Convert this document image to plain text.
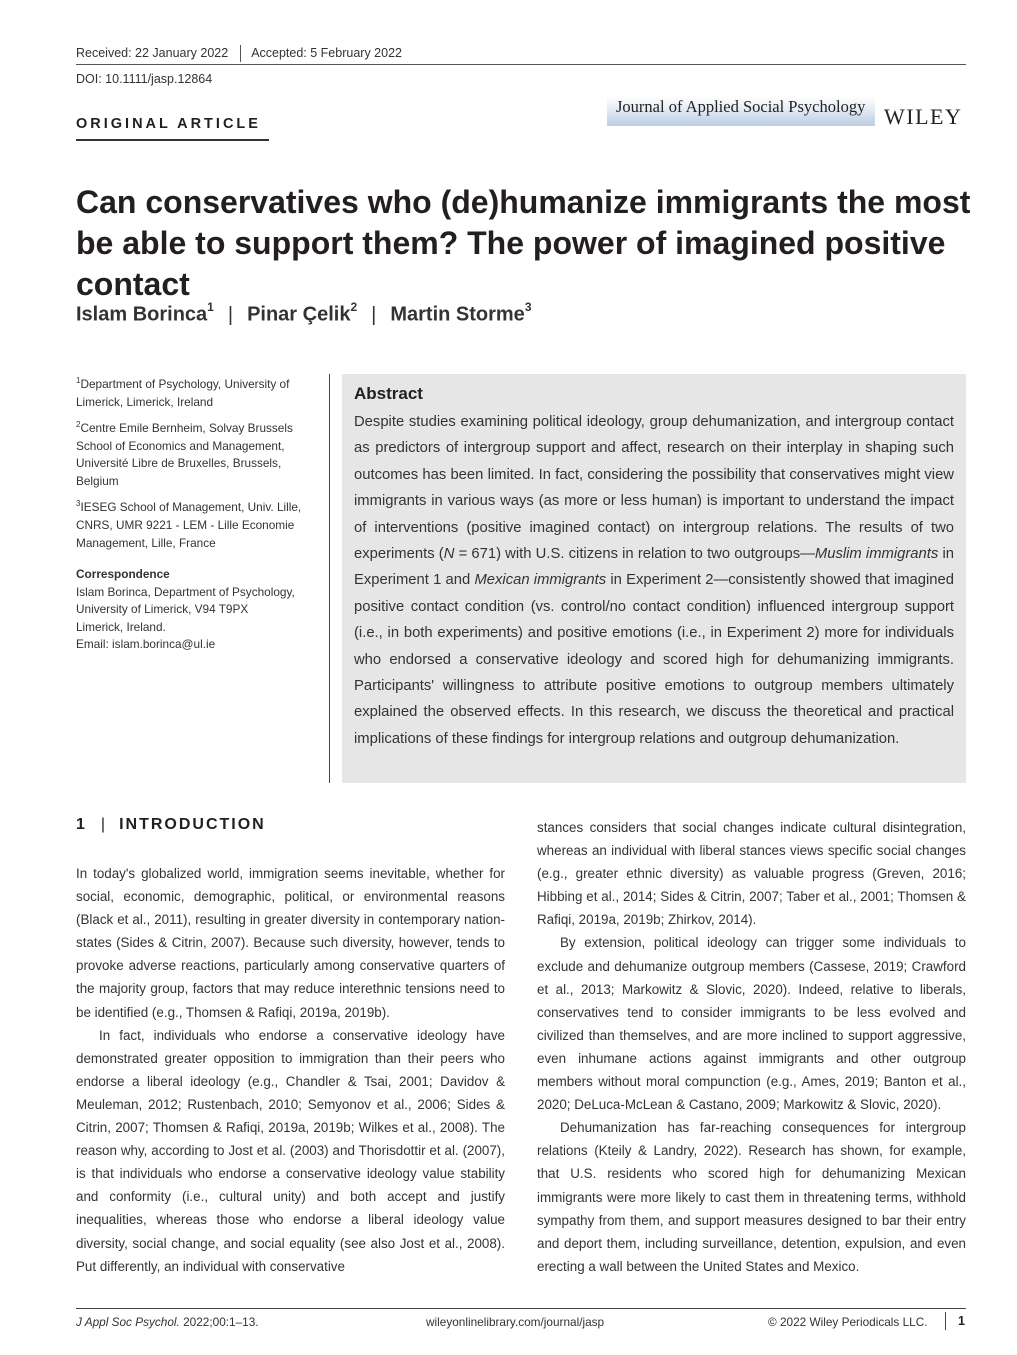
Received: 22 January 2022 Accepted: 5 February 2022
DOI: 10.1111/jasp.12864
ORIGINAL ARTICLE
Journal of Applied Social Psychology WILEY
Can conservatives who (de)humanize immigrants the most be able to support them? The power of imagined positive contact
Islam Borinca$^1$ | Pinar Çelik$^2$ | Martin Storme$^3$

$^1$Department of Psychology, University of Limerick, Limerick, Ireland

$^2$Centre Emile Bernheim, Solvay Brussels School of Economics and Management, Université Libre de Bruxelles, Brussels, Belgium

$^3$IESEG School of Management, Univ. Lille, CNRS, UMR 9221 - LEM - Lille Economie Management, Lille, France

Correspondence
Islam Borinca, Department of Psychology,
University of Limerick, V94 T9PX
Limerick, Ireland.
Email: islam.borinca@ul.ie
Abstract
Despite studies examining political ideology, group dehumanization, and intergroup contact as predictors of intergroup support and affect, research on their interplay in shaping such outcomes has been limited. In fact, considering the possibility that conservatives might view immigrants in various ways (as more or less human) is important to understand the impact of interventions (positive imagined contact) on intergroup relations. The results of two experiments (N = 671) with U.S. citizens in relation to two outgroups—Muslim immigrants in Experiment 1 and Mexican immigrants in Experiment 2—consistently showed that imagined positive contact condition (vs. control/no contact condition) influenced intergroup support (i.e., in both experiments) and positive emotions (i.e., in Experiment 2) more for individuals who endorsed a conservative ideology and scored high for dehumanizing immigrants. Participants' willingness to attribute positive emotions to outgroup members ultimately explained the observed effects. In this research, we discuss the theoretical and practical implications of these findings for intergroup relations and outgroup dehumanization.
1 | INTRODUCTION

In today's globalized world, immigration seems inevitable, whether for social, economic, demographic, political, or environmental reasons (Black et al., 2011), resulting in greater diversity in contemporary nation-states (Sides & Citrin, 2007). Because such diversity, however, tends to provoke adverse reactions, particularly among conservative quarters of the majority group, factors that may reduce interethnic tensions need to be identified (e.g., Thomsen & Rafiqi, 2019a, 2019b).

In fact, individuals who endorse a conservative ideology have demonstrated greater opposition to immigration than their peers who endorse a liberal ideology (e.g., Chandler & Tsai, 2001; Davidov & Meuleman, 2012; Rustenbach, 2010; Semyonov et al., 2006; Sides & Citrin, 2007; Thomsen & Rafiqi, 2019a, 2019b; Wilkes et al., 2008). The reason why, according to Jost et al. (2003) and Thorisdottir et al. (2007), is that individuals who endorse a conservative ideology value stability and conformity (i.e., cultural unity) and both accept and justify inequalities, whereas those who endorse a liberal ideology value diversity, social change, and social equality (see also Jost et al., 2008). Put differently, an individual with conservative

stances considers that social changes indicate cultural disintegration, whereas an individual with liberal stances views specific social changes (e.g., greater ethnic diversity) as valuable progress (Greven, 2016; Hibbing et al., 2014; Sides & Citrin, 2007; Taber et al., 2001; Thomsen & Rafiqi, 2019a, 2019b; Zhirkov, 2014).

By extension, political ideology can trigger some individuals to exclude and dehumanize outgroup members (Cassese, 2019; Crawford et al., 2013; Markowitz & Slovic, 2020). Indeed, relative to liberals, conservatives tend to consider immigrants to be less evolved and civilized than themselves, and are more inclined to support aggressive, even inhumane actions against immigrants and other outgroup members without moral compunction (e.g., Ames, 2019; Banton et al., 2020; DeLuca-McLean & Castano, 2009; Markowitz & Slovic, 2020).

Dehumanization has far-reaching consequences for intergroup relations (Kteily & Landry, 2022). Research has shown, for example, that U.S. residents who scored high for dehumanizing Mexican immigrants were more likely to cast them in threatening terms, withhold sympathy from them, and support measures designed to bar their entry and deport them, including surveillance, detention, expulsion, and even erecting a wall between the United States and Mexico.

J Appl Soc Psychol. 2022;00:1–13.	wileyonlinelibrary.com/journal/jasp	© 2022 Wiley Periodicals LLC. 1
